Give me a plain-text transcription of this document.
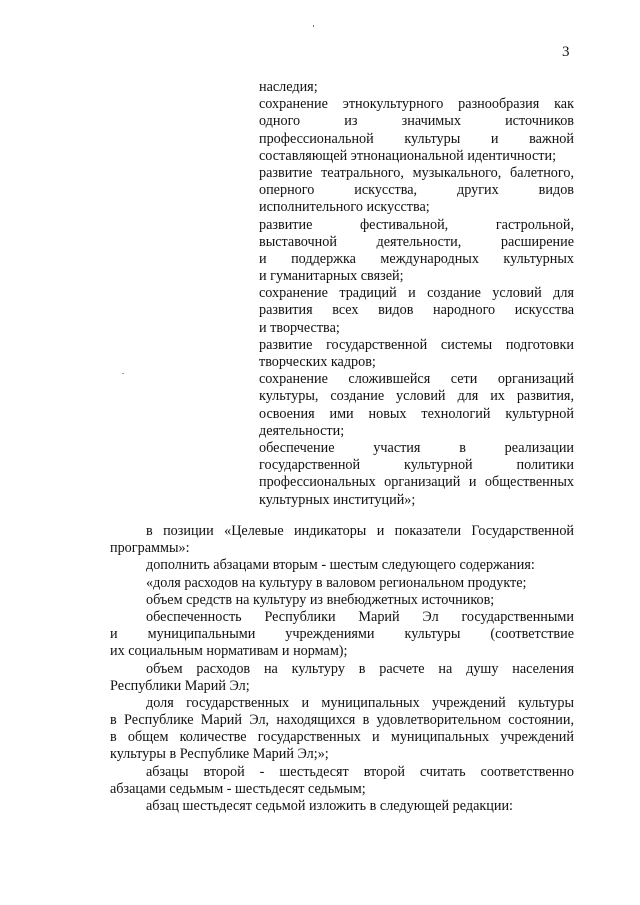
3
наследия;
сохранение этнокультурного разнообразия как
одного из значимых источников
профессиональной культуры и важной
составляющей этнонациональной идентичности;
развитие театрального, музыкального, балетного,
оперного искусства, других видов
исполнительного искусства;
развитие фестивальной, гастрольной,
выставочной деятельности, расширение
и поддержка международных культурных
и гуманитарных связей;
сохранение традиций и создание условий для
развития всех видов народного искусства
и творчества;
развитие государственной системы подготовки
творческих кадров;
сохранение сложившейся сети организаций
культуры, создание условий для их развития,
освоения ими новых технологий культурной
деятельности;
обеспечение участия в реализации
государственной культурной политики
профессиональных организаций и общественных
культурных институций»;
в позиции «Целевые индикаторы и показатели Государственной
программы»:
дополнить абзацами вторым - шестым следующего содержания:
«доля расходов на культуру в валовом региональном продукте;
объем средств на культуру из внебюджетных источников;
обеспеченность Республики Марий Эл государственными
и муниципальными учреждениями культуры (соответствие
их социальным нормативам и нормам);
объем расходов на культуру в расчете на душу населения
Республики Марий Эл;
доля государственных и муниципальных учреждений культуры
в Республике Марий Эл, находящихся в удовлетворительном состоянии,
в общем количестве государственных и муниципальных учреждений
культуры в Республике Марий Эл;»;
абзацы второй - шестьдесят второй считать соответственно
абзацами седьмым - шестьдесят седьмым;
абзац шестьдесят седьмой изложить в следующей редакции:
